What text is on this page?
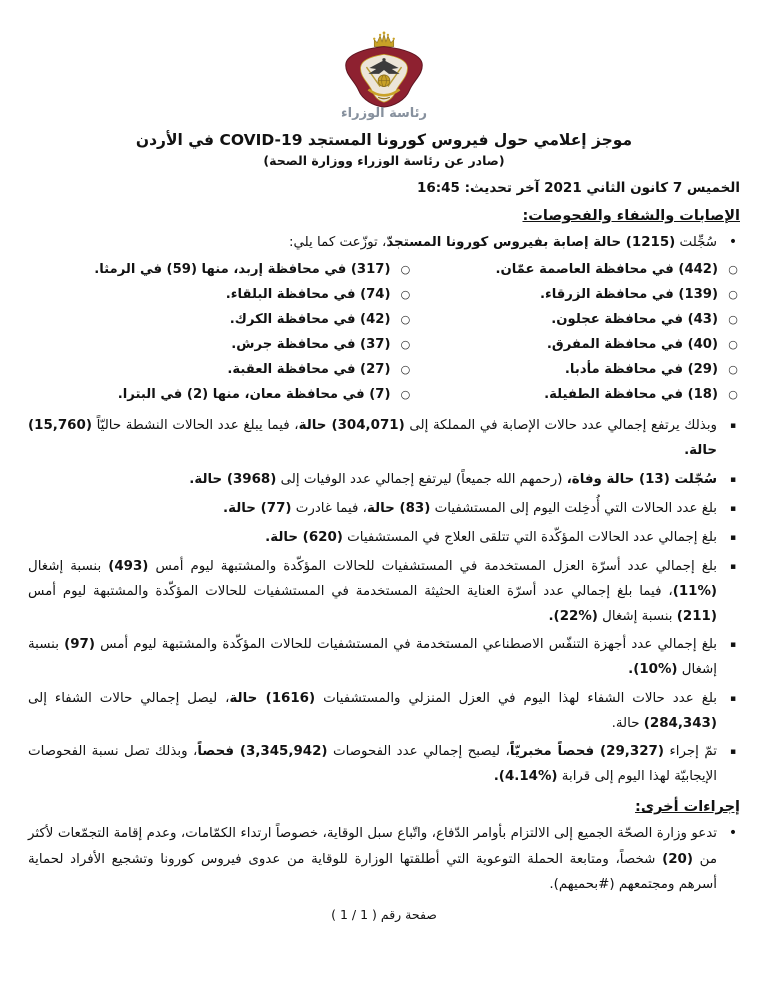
رئاسة الوزراء
موجز إعلامي حول فيروس كورونا المستجد COVID-19 في الأردن
(صادر عن رئاسة الوزراء ووزارة الصحة)
الخميس 7 كانون الثاني 2021 آخر تحديث: 16:45
الإصابات والشفاء والفحوصات:
•
سُجِّلت (1215) حالة إصابة بفيروس كورونا المستجدّ، توزّعت كما يلي:
○
(442) في محافظة العاصمة عمّان.
○
(139) في محافظة الزرقاء.
○
(43) في محافظة عجلون.
○
(40) في محافظة المفرق.
○
(29) في محافظة مأدبا.
○
(18) في محافظة الطفيلة.
○
(317) في محافظة إربد، منها (59) في الرمثا.
○
(74) في محافظة البلقاء.
○
(42) في محافظة الكرك.
○
(37) في محافظة جرش.
○
(27) في محافظة العقبة.
○
(7) في محافظة معان، منها (2) في البترا.
▪
وبذلك يرتفع إجمالي عدد حالات الإصابة في المملكة إلى (304,071) حالة، فيما يبلغ عدد الحالات النشطة حاليّاً (15,760) حالة.
▪
سُجّلت (13) حالة وفاة، (رحمهم الله جميعاً) ليرتفع إجمالي عدد الوفيات إلى (3968) حالة.
▪
بلغ عدد الحالات التي أُدخِلت اليوم إلى المستشفيات (83) حالة، فيما غادرت (77) حالة.
▪
بلغ إجمالي عدد الحالات المؤكّدة التي تتلقى العلاج في المستشفيات (620) حالة.
▪
بلغ إجمالي عدد أسرّة العزل المستخدمة في المستشفيات للحالات المؤكّدة والمشتبهة ليوم أمس (493) بنسبة إشغال (%11)، فيما بلغ إجمالي عدد أسرّة العناية الحثيثة المستخدمة في المستشفيات للحالات المؤكّدة والمشتبهة ليوم أمس (211) بنسبة إشغال (%22).
▪
بلغ إجمالي عدد أجهزة التنفّس الاصطناعي المستخدمة في المستشفيات للحالات المؤكّدة والمشتبهة ليوم أمس (97) بنسبة إشغال (%10).
▪
بلغ عدد حالات الشفاء لهذا اليوم في العزل المنزلي والمستشفيات (1616) حالة، ليصل إجمالي حالات الشفاء إلى (284,343) حالة.
▪
تمّ إجراء (29,327) فحصاً مخبريّاً، ليصبح إجمالي عدد الفحوصات (3,345,942) فحصاً، وبذلك تصل نسبة الفحوصات الإيجابيّة لهذا اليوم إلى قرابة (%4.14).
إجراءات أخرى:
•
تدعو وزارة الصحّة الجميع إلى الالتزام بأوامر الدّفاع، واتّباع سبل الوقاية، خصوصاً ارتداء الكمّامات، وعدم إقامة التجمّعات لأكثر من (20) شخصاً، ومتابعة الحملة التوعوية التي أطلقتها الوزارة للوقاية من عدوى فيروس كورونا وتشجيع الأفراد لحماية أسرهم ومجتمعهم (#بحميهم).
صفحة رقم ( 1 / 1 )
